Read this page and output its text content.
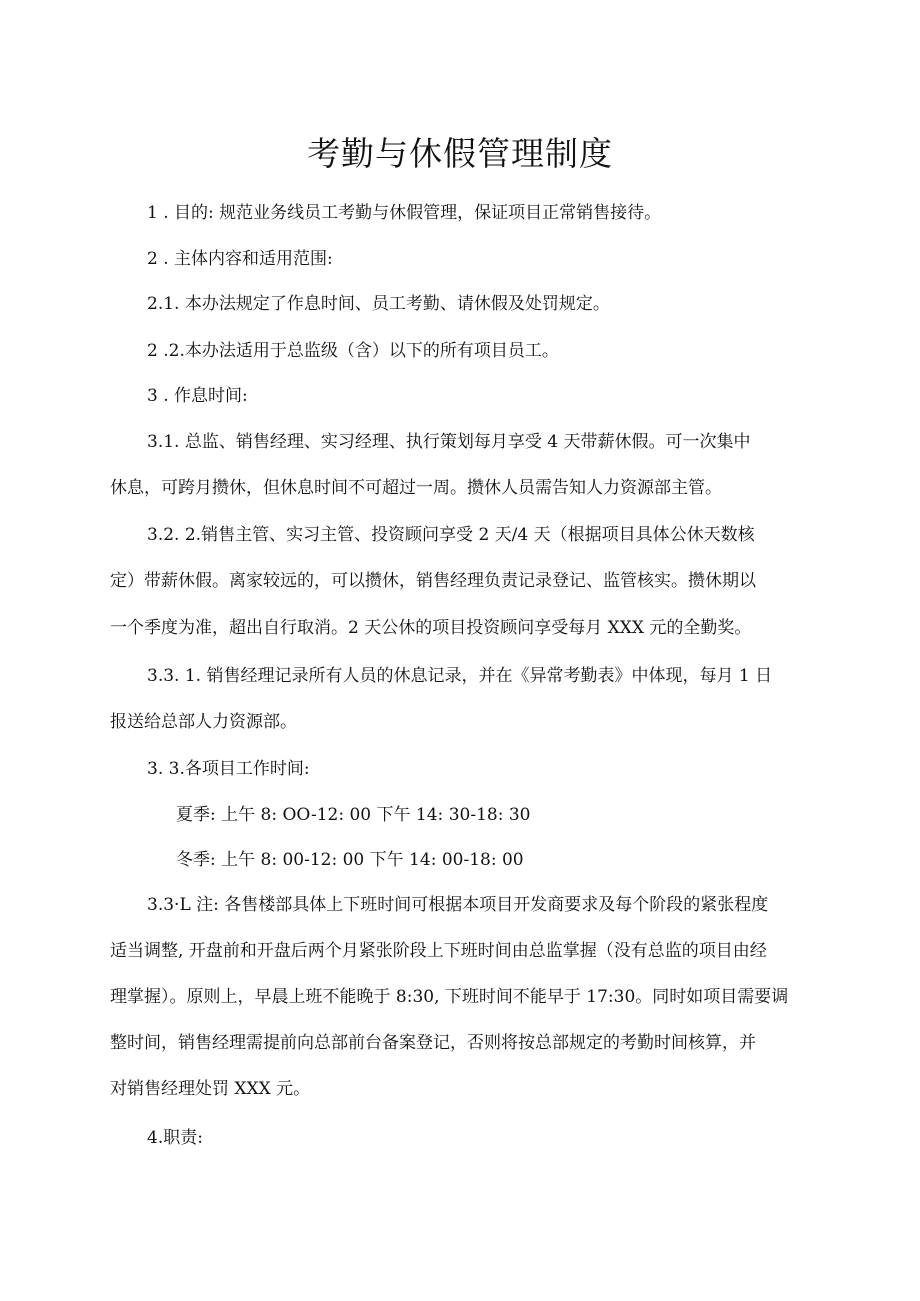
考勤与休假管理制度
1 . 目的: 规范业务线员工考勤与休假管理，保证项目正常销售接待。
2 . 主体内容和适用范围:
2.1. 本办法规定了作息时间、员工考勤、请休假及处罚规定。
2 .2.本办法适用于总监级（含）以下的所有项目员工。
3 . 作息时间:
3.1. 总监、销售经理、实习经理、执行策划每月享受 4 天带薪休假。可一次集中
休息，可跨月攒休，但休息时间不可超过一周。攒休人员需告知人力资源部主管。
3.2. 2.销售主管、实习主管、投资顾问享受 2 天/4 天（根据项目具体公休天数核
定）带薪休假。离家较远的，可以攒休，销售经理负责记录登记、监管核实。攒休期以
一个季度为准，超出自行取消。2 天公休的项目投资顾问享受每月 XXX 元的全勤奖。
3.3. 1. 销售经理记录所有人员的休息记录，并在《异常考勤表》中体现，每月 1 日
报送给总部人力资源部。
3. 3.各项目工作时间:
夏季: 上午 8: OO-12: 00 下午 14: 30-18: 30
冬季: 上午 8: 00-12: 00 下午 14: 00-18: 00
3.3·L 注: 各售楼部具体上下班时间可根据本项目开发商要求及每个阶段的紧张程度
适当调整, 开盘前和开盘后两个月紧张阶段上下班时间由总监掌握（没有总监的项目由经
理掌握）。原则上，早晨上班不能晚于 8:30, 下班时间不能早于 17:30。同时如项目需要调
整时间，销售经理需提前向总部前台备案登记，否则将按总部规定的考勤时间核算，并
对销售经理处罚 XXX 元。
4.职责:
